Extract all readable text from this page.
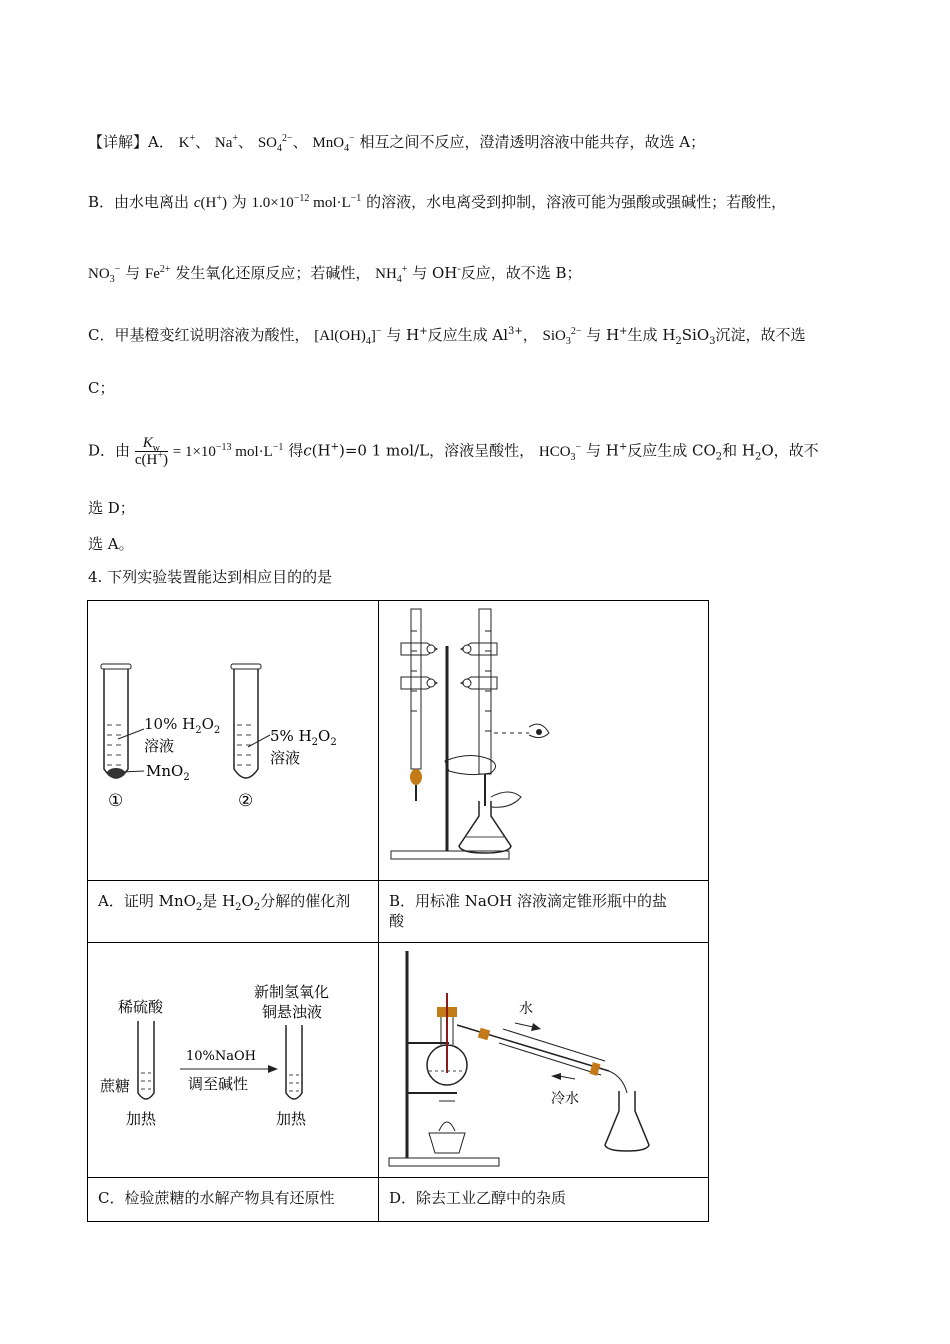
【详解】A． K+、 Na+、 $SO_4^{2-}$、 MnO$_4$− 相互之间不反应，澄清透明溶液中能共存，故选 A；
B．由水电离出 c(H+) 为 $1.0\times 10^{-12}$ $mol\cdot L^{-1}$ 的溶液，水电离受到抑制，溶液可能为强酸或强碱性；若酸性，
$NO_3^-$ 与 $Fe^{2+}$ 发生氧化还原反应；若碱性， $NH_4^+$ 与 OH-反应，故不选 B；
C．甲基橙变红说明溶液为酸性， $[Al(OH)_4]^-$ 与 H+反应生成 $Al^{3+}$， SiO$_3^{2-}$ 与 H+生成 $H_2SiO_3$沉淀，故不选
C；
D．由 $\frac{K_w}{c(H^+)} = 1\times 10^{-13}$ $mol\cdot L^{-1}$ 得c(H+)=0 1 mol/L，溶液呈酸性， $HCO_3^-$ 与 H+反应生成 $CO_2$和 $H_2O$，故不
选 D；
选 A。
4. 下列实验装置能达到相应目的的是
10% $H_2O_2$
溶液
MnO$_2$
①
5% $H_2O_2$
溶液
②
A．证明 MnO$_2$是 $H_2O_2$分解的催化剂	B．用标准 NaOH 溶液滴定锥形瓶中的盐
酸
稀硫酸
蔗糖
加热
10%NaOH
调至碱性
新制氢氧化
铜悬浊液
加热
水
冷水
C．检验蔗糖的水解产物具有还原性	D．除去工业乙醇中的杂质
